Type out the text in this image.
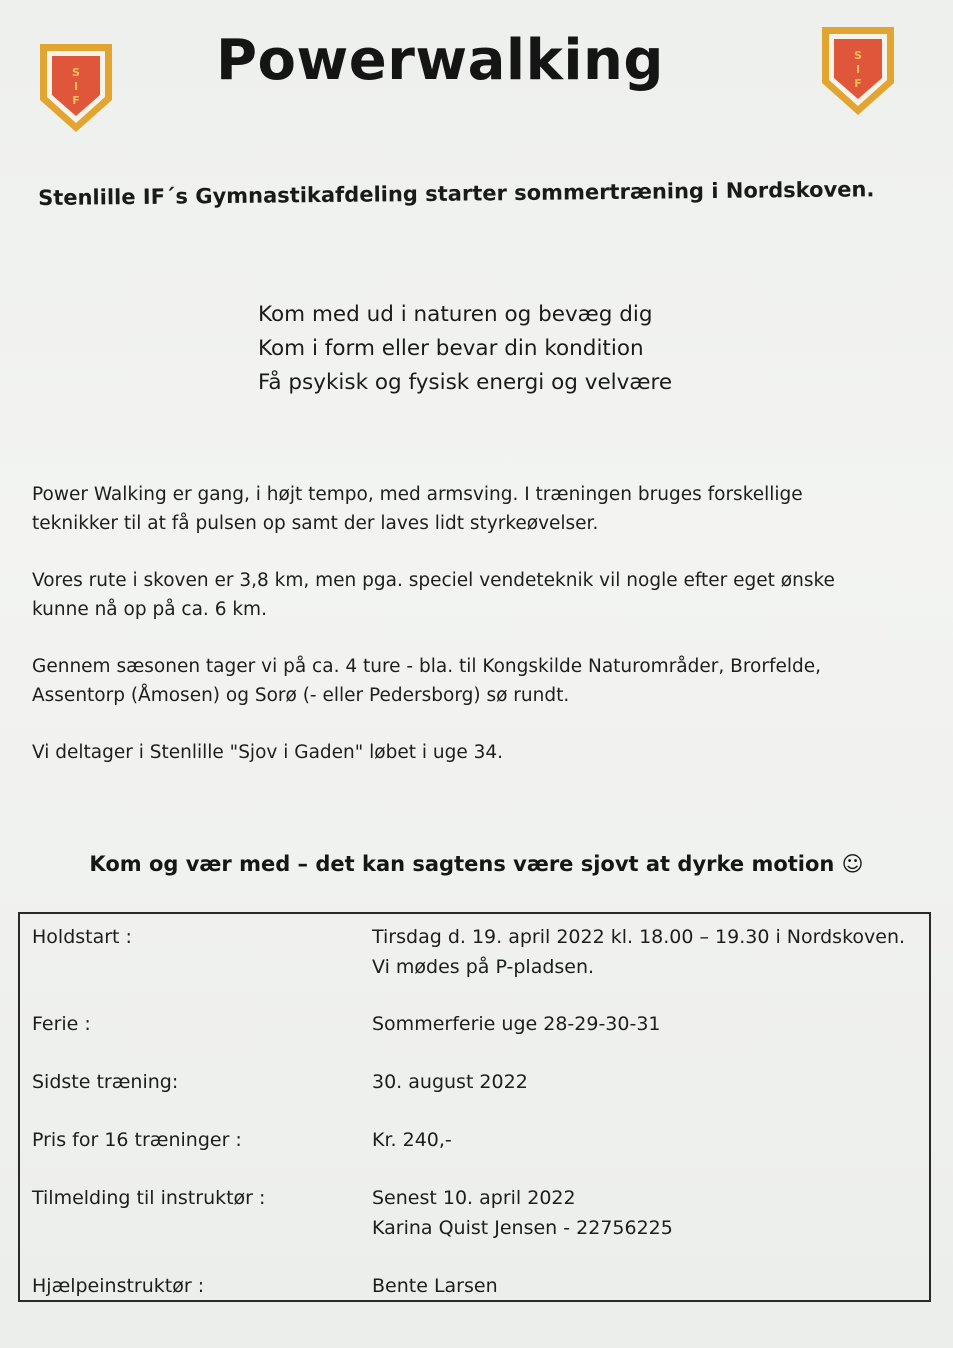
S
I
F
S
I
F
Powerwalking
Stenlille IF´s Gymnastikafdeling starter sommertræning i Nordskoven.
Kom med ud i naturen og bevæg dig
Kom i form eller bevar din kondition
Få psykisk og fysisk energi og velvære

Power Walking er gang, i højt tempo, med armsving. I træningen bruges forskellige teknikker til at få pulsen op samt der laves lidt styrkeøvelser.

Vores rute i skoven er 3,8 km, men pga. speciel vendeteknik vil nogle efter eget ønske kunne nå op på ca. 6 km.

Gennem sæsonen tager vi på ca. 4 ture - bla. til Kongskilde Naturområder, Brorfelde, Assentorp (Åmosen) og Sorø (- eller Pedersborg) sø rundt.

Vi deltager i Stenlille "Sjov i Gaden" løbet i uge 34.

Kom og vær med – det kan sagtens være sjovt at dyrke motion ☺
Holdstart :	Tirsdag d. 19. april 2022 kl. 18.00 – 19.30 i Nordskoven.
Vi mødes på P-pladsen.
Ferie :	Sommerferie uge 28-29-30-31
Sidste træning:	30. august 2022
Pris for 16 træninger :	Kr. 240,-
Tilmelding til instruktør :	Senest 10. april 2022
Karina Quist Jensen - 22756225
Hjælpeinstruktør :	Bente Larsen
